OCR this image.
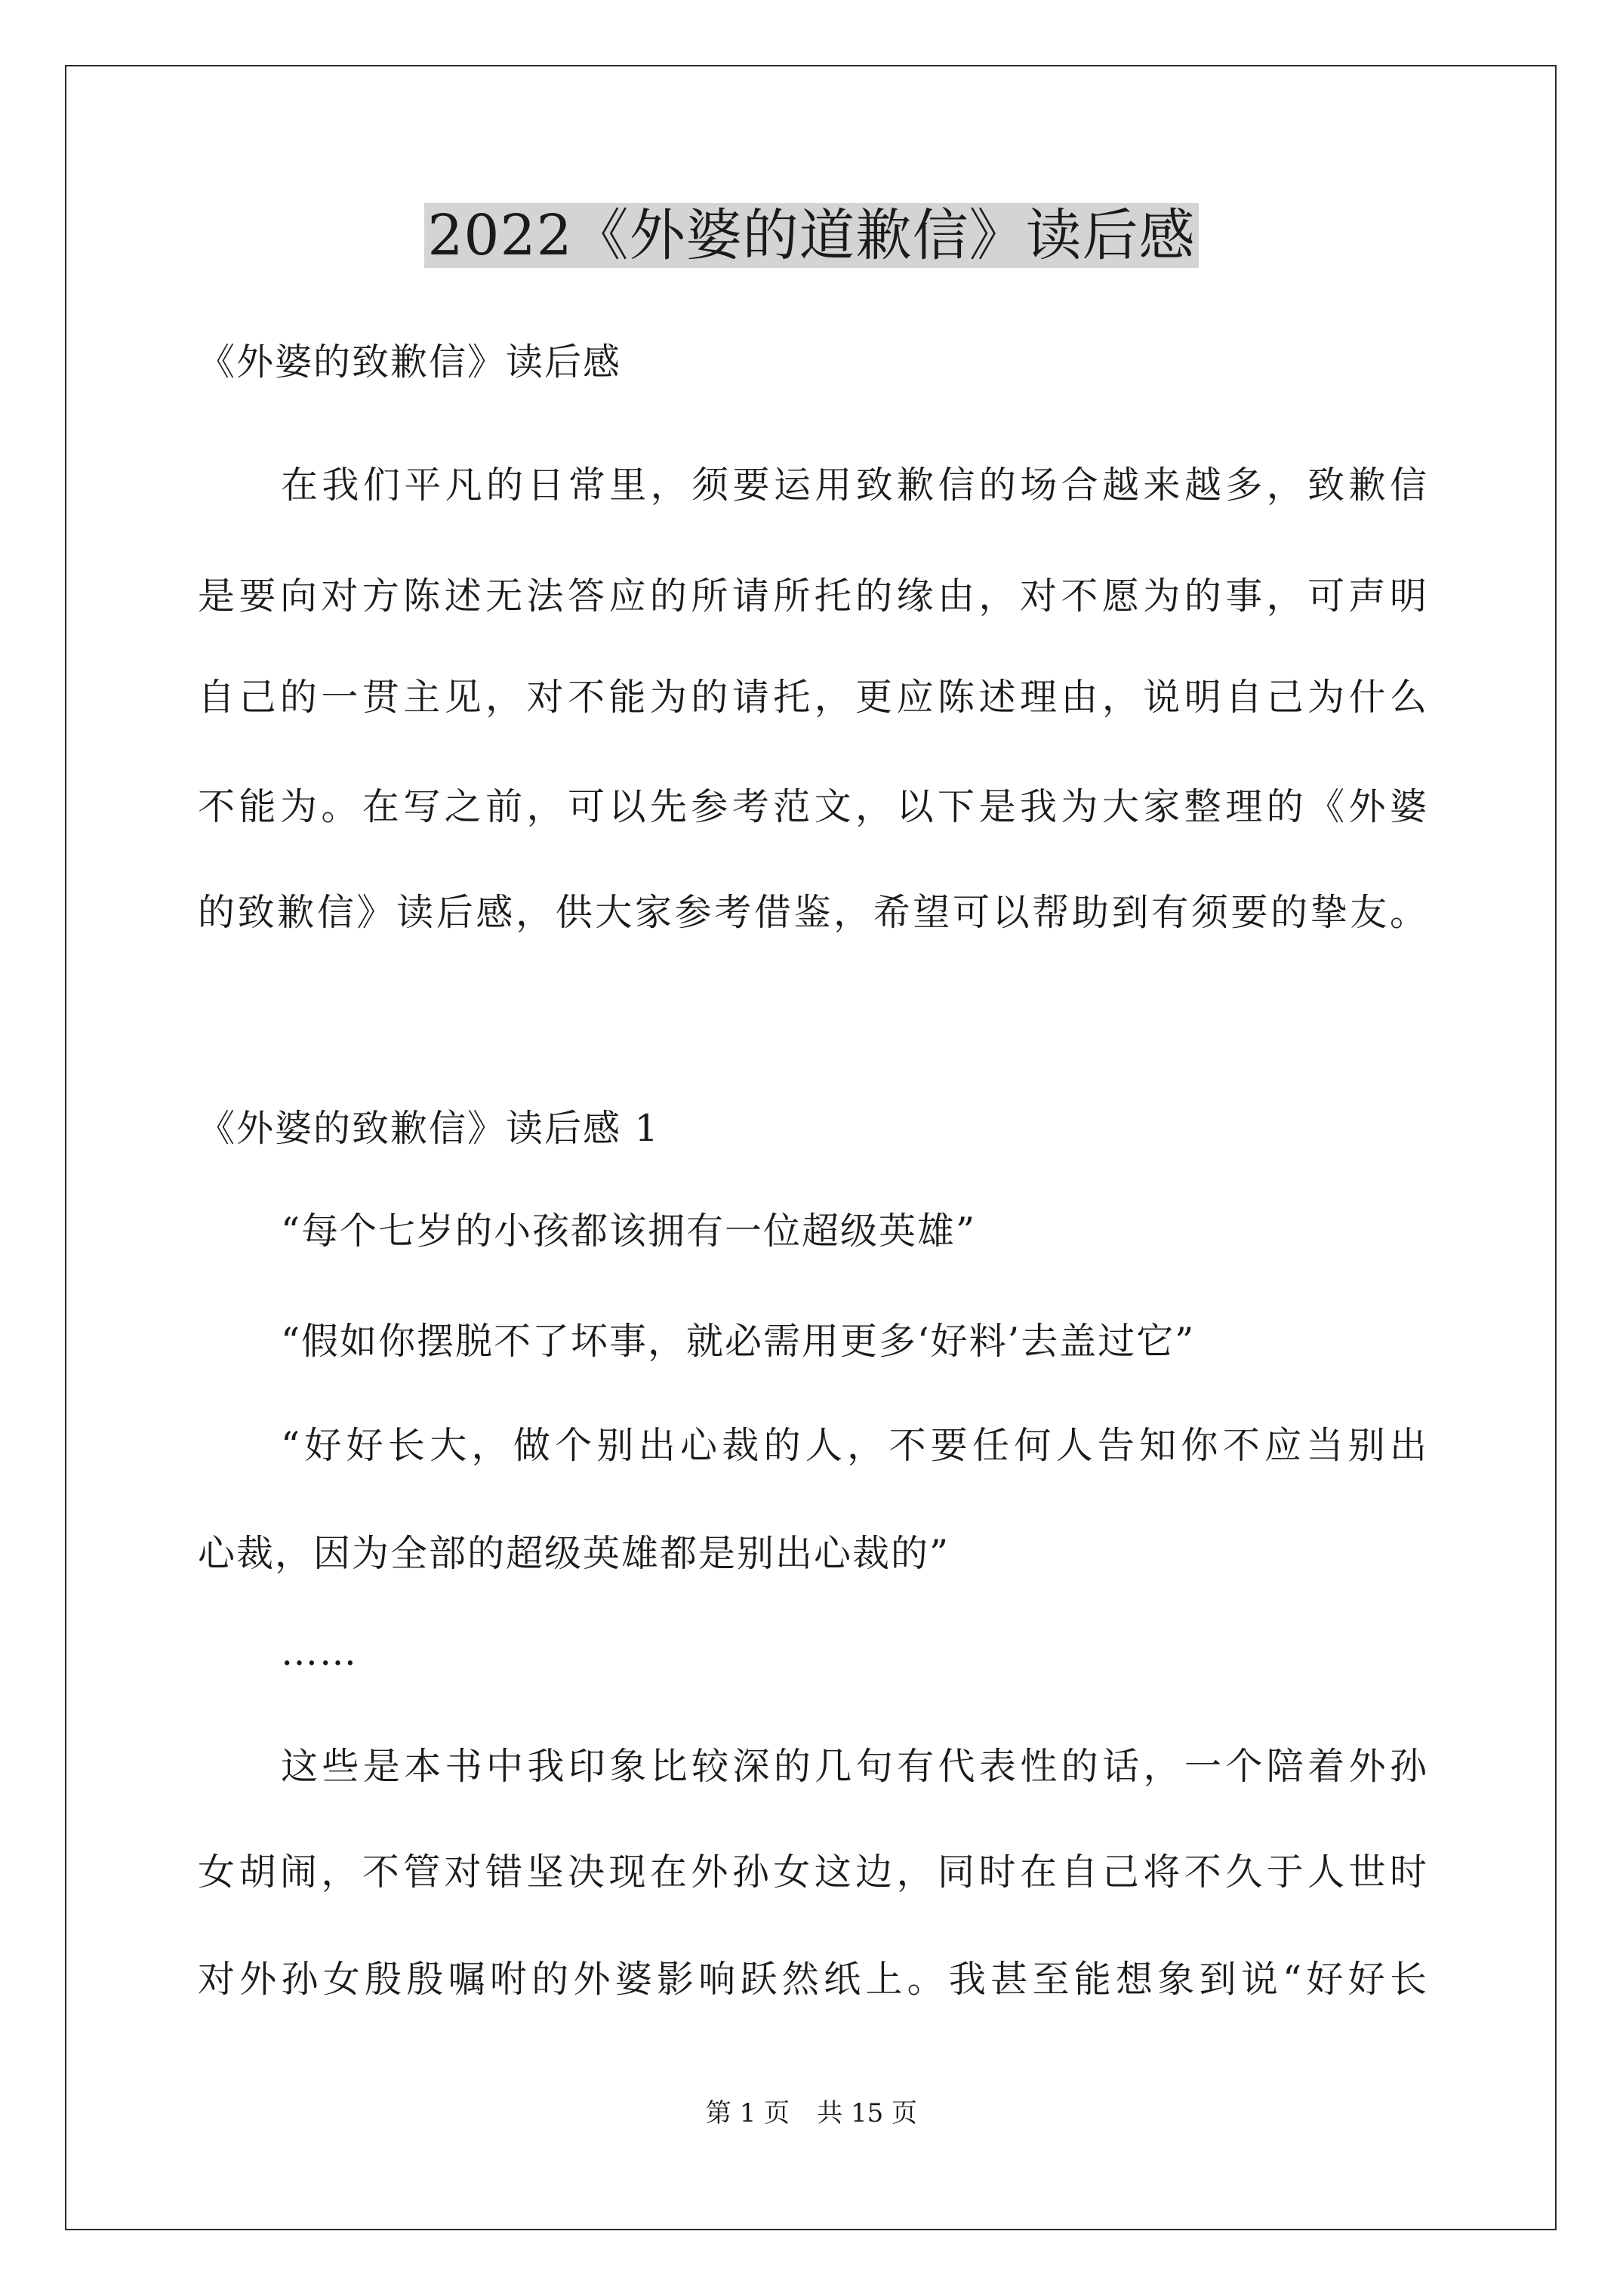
2022《外婆的道歉信》读后感
《外婆的致歉信》读后感
在我们平凡的日常里，须要运用致歉信的场合越来越多，致歉信
是要向对方陈述无法答应的所请所托的缘由，对不愿为的事，可声明
自己的一贯主见，对不能为的请托，更应陈述理由，说明自己为什么
不能为。在写之前，可以先参考范文，以下是我为大家整理的《外婆
的致歉信》读后感，供大家参考借鉴，希望可以帮助到有须要的挚友。
《外婆的致歉信》读后感 1
“每个七岁的小孩都该拥有一位超级英雄”
“假如你摆脱不了坏事，就必需用更多‘好料’去盖过它”
“好好长大，做个别出心裁的人，不要任何人告知你不应当别出
心裁，因为全部的超级英雄都是别出心裁的”
……
这些是本书中我印象比较深的几句有代表性的话，一个陪着外孙
女胡闹，不管对错坚决现在外孙女这边，同时在自己将不久于人世时
对外孙女殷殷嘱咐的外婆影响跃然纸上。我甚至能想象到说“好好长
第 1 页 共 15 页
